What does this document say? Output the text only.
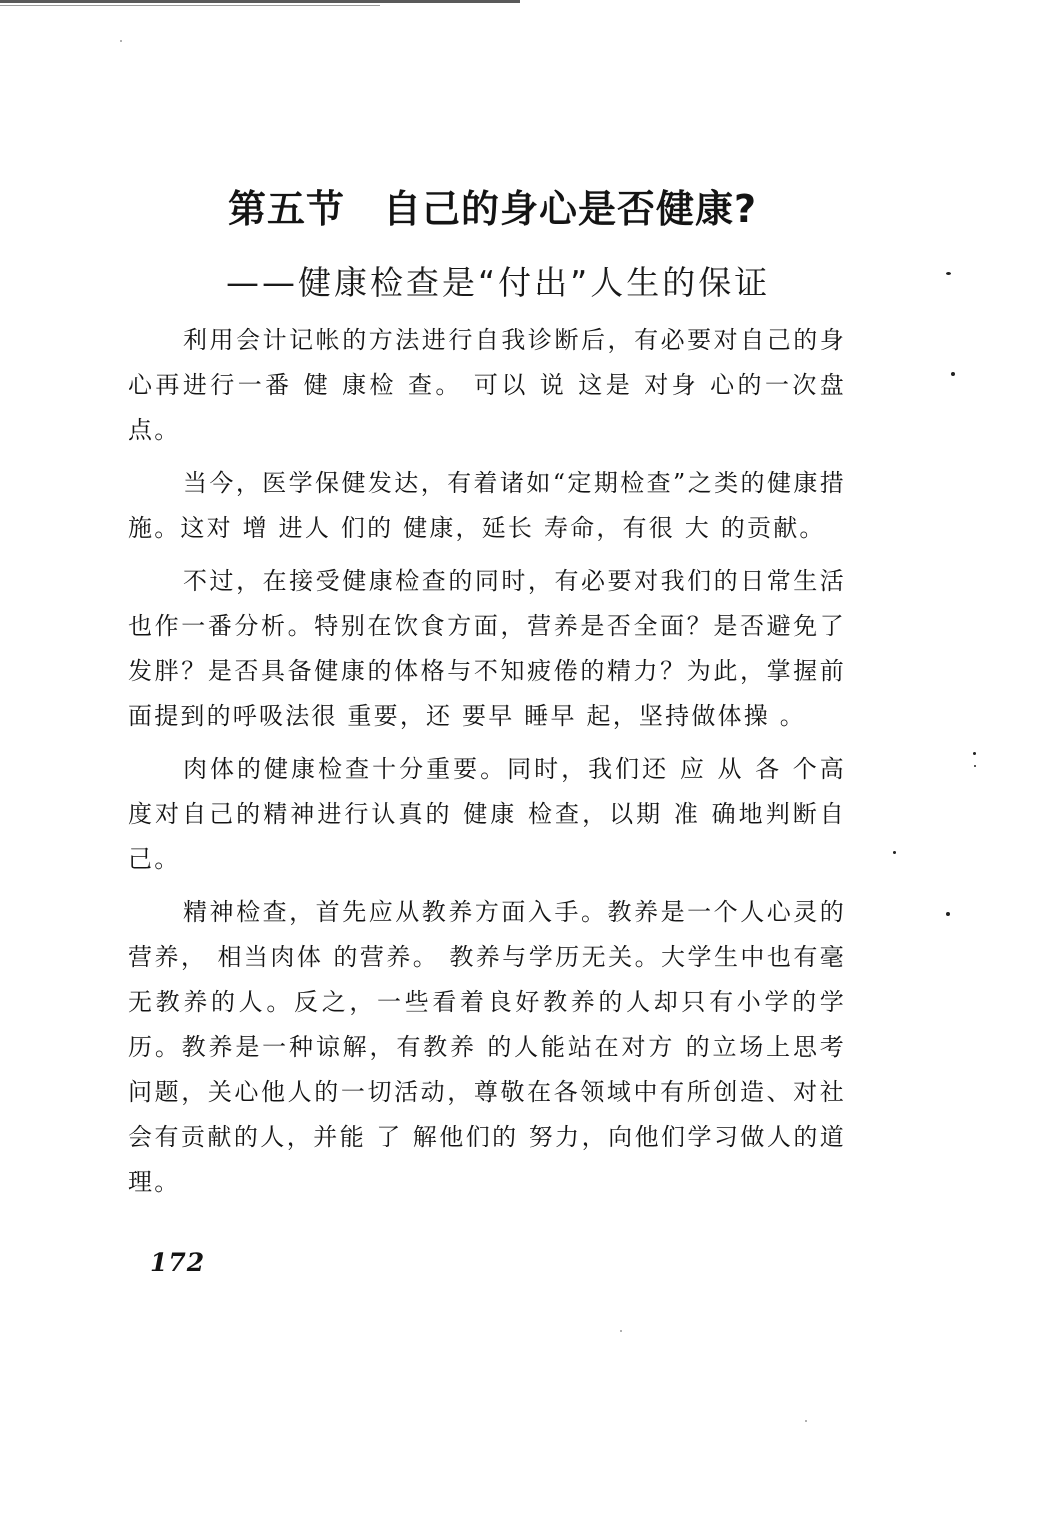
第五节 自己的身心是否健康?
——健康检查是“付出”人生的保证

利用会计记帐的方法进行自我诊断后，有必要对自己的身心再进行一番 健 康检 查。 可以 说 这是 对身 心的一次盘点。

当今，医学保健发达，有着诸如“定期检查”之类的健康措施。这对 增 进人 们的 健康，延长 寿命，有很 大 的贡献。

不过，在接受健康检查的同时，有必要对我们的日常生活也作一番分析。特别在饮食方面，营养是否全面？是否避免了发胖？是否具备健康的体格与不知疲倦的精力？为此，掌握前面提到的呼吸法很 重要，还 要早 睡早 起，坚持做体操 。

肉体的健康检查十分重要。同时，我们还 应 从 各 个高度对自己的精神进行认真的 健康 检查，以期 准 确地判断自己。

精神检查，首先应从教养方面入手。教养是一个人心灵的 营养， 相当肉体 的营养。 教养与学历无关。大学生中也有毫无教养的人。反之，一些看着良好教养的人却只有小学的学历。教养是一种谅解，有教养 的人能站在对方 的立场上思考问题，关心他人的一切活动，尊敬在各领域中有所创造、对社会有贡献的人，并能 了 解他们的 努力，向他们学习做人的道理。

172
